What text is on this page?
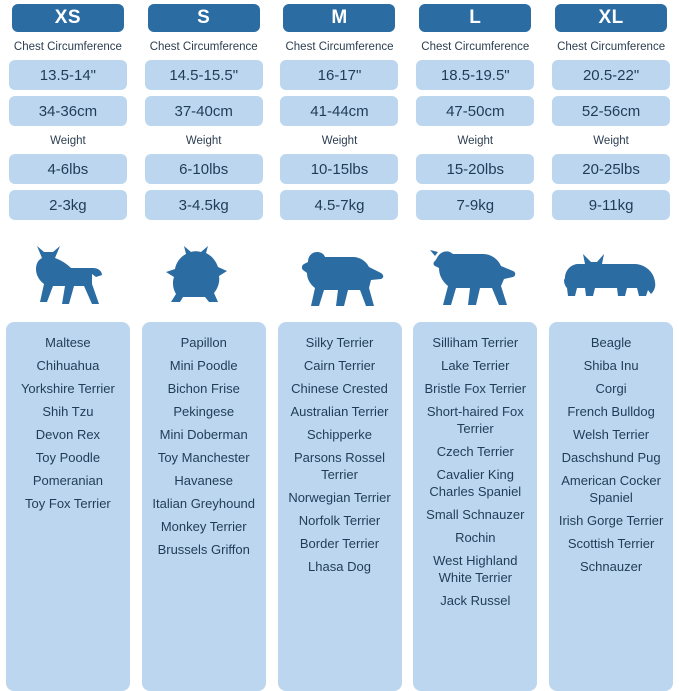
XS
Chest Circumference
13.5-14"
34-36cm
Weight
4-6lbs
2-3kg
Maltese
Chihuahua
Yorkshire Terrier
Shih Tzu
Devon Rex
Toy Poodle
Pomeranian
Toy Fox Terrier
S
Chest Circumference
14.5-15.5"
37-40cm
Weight
6-10lbs
3-4.5kg
Papillon
Mini Poodle
Bichon Frise
Pekingese
Mini Doberman
Toy Manchester
Havanese
Italian Greyhound
Monkey Terrier
Brussels Griffon
M
Chest Circumference
16-17"
41-44cm
Weight
10-15lbs
4.5-7kg
Silky Terrier
Cairn Terrier
Chinese Crested
Australian Terrier
Schipperke
Parsons Rossel Terrier
Norwegian Terrier
Norfolk Terrier
Border Terrier
Lhasa Dog
L
Chest Circumference
18.5-19.5"
47-50cm
Weight
15-20lbs
7-9kg
Silliham Terrier
Lake Terrier
Bristle Fox Terrier
Short-haired Fox Terrier
Czech Terrier
Cavalier King Charles Spaniel
Small Schnauzer
Rochin
West Highland White Terrier
Jack Russel
XL
Chest Circumference
20.5-22"
52-56cm
Weight
20-25lbs
9-11kg
Beagle
Shiba Inu
Corgi
French Bulldog
Welsh Terrier
Daschshund Pug
American Cocker Spaniel
Irish Gorge Terrier
Scottish Terrier
Schnauzer
